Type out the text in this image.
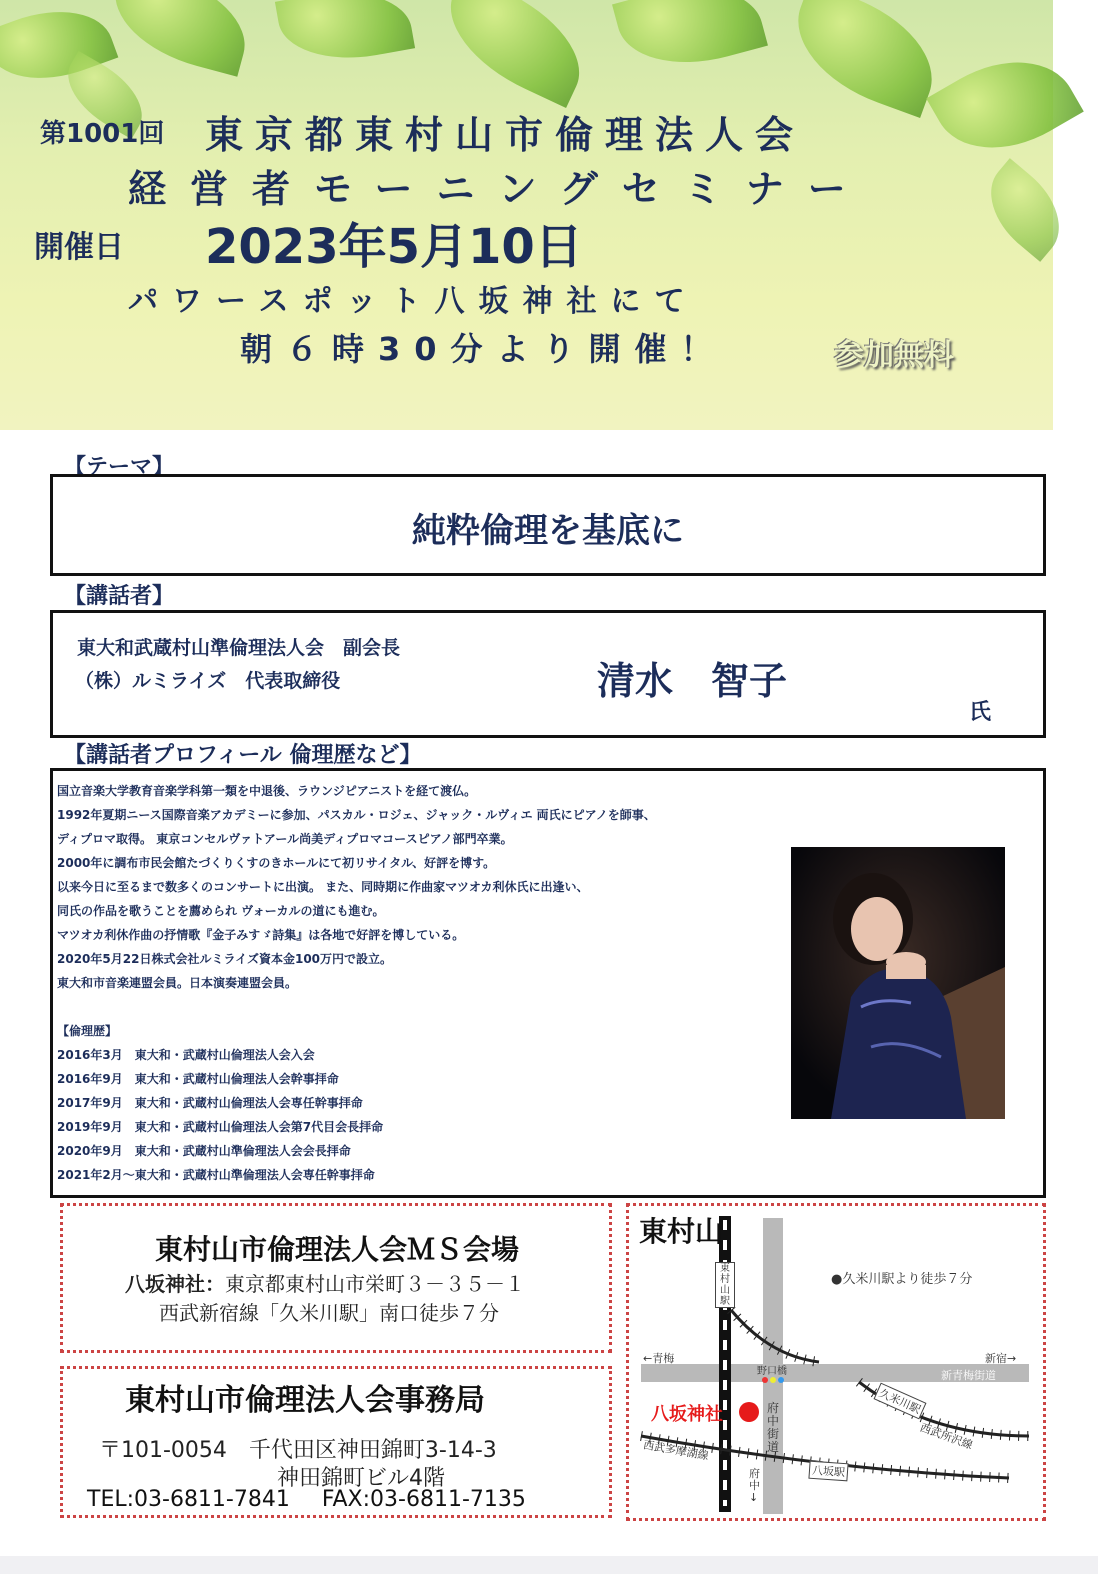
第1001回 東京都東村山市倫理法人会
経営者モーニングセミナー
開催日 2023年5月10日
パワースポット八坂神社にて
朝６時30分より開催！	参加無料
【テーマ】
純粋倫理を基底に
【講話者】
東大和武蔵村山準倫理法人会　副会長
（株）ルミライズ　代表取締役	清水　智子
氏
【講話者プロフィール 倫理歴など】

国立音楽大学教育音楽学科第一類を中退後、ラウンジピアニストを経て渡仏。

1992年夏期ニース国際音楽アカデミーに参加、パスカル・ロジェ、ジャック・ルヴィエ 両氏にピアノを師事、

ディプロマ取得。 東京コンセルヴァトアール尚美ディプロマコースピアノ部門卒業。

2000年に調布市民会館たづくりくすのきホールにて初リサイタル、好評を博す。

以来今日に至るまで数多くのコンサートに出演。 また、同時期に作曲家マツオカ利休氏に出逢い、

同氏の作品を歌うことを薦められ ヴォーカルの道にも進む。

マツオカ利休作曲の抒情歌『金子みすゞ詩集』は各地で好評を博している。

2020年5月22日株式会社ルミライズ資本金100万円で設立。

東大和市音楽連盟会員。日本演奏連盟会員。

【倫理歴】

2016年3月　東大和・武蔵村山倫理法人会入会

2016年9月　東大和・武蔵村山倫理法人会幹事拝命

2017年9月　東大和・武蔵村山倫理法人会専任幹事拝命

2019年9月　東大和・武蔵村山倫理法人会第7代目会長拝命

2020年9月　東大和・武蔵村山準倫理法人会会長拝命

2021年2月～東大和・武蔵村山準倫理法人会専任幹事拝命

東村山市倫理法人会ＭＳ会場
八坂神社：東京都東村山市栄町３－３５－１
西武新宿線「久米川駅」南口徒歩７分
東村山市倫理法人会事務局
〒101-0054　千代田区神田錦町3-14-3
神田錦町ビル4階
TEL:03-6811-7841 FAX:03-6811-7135
東村山
●久米川駅より徒歩７分
東村山駅
←青梅	新宿→
野口橋	新青梅街道
八坂神社	府中街道
府中↓
久米川駅
西武所沢線
西武多摩湖線
八坂駅
